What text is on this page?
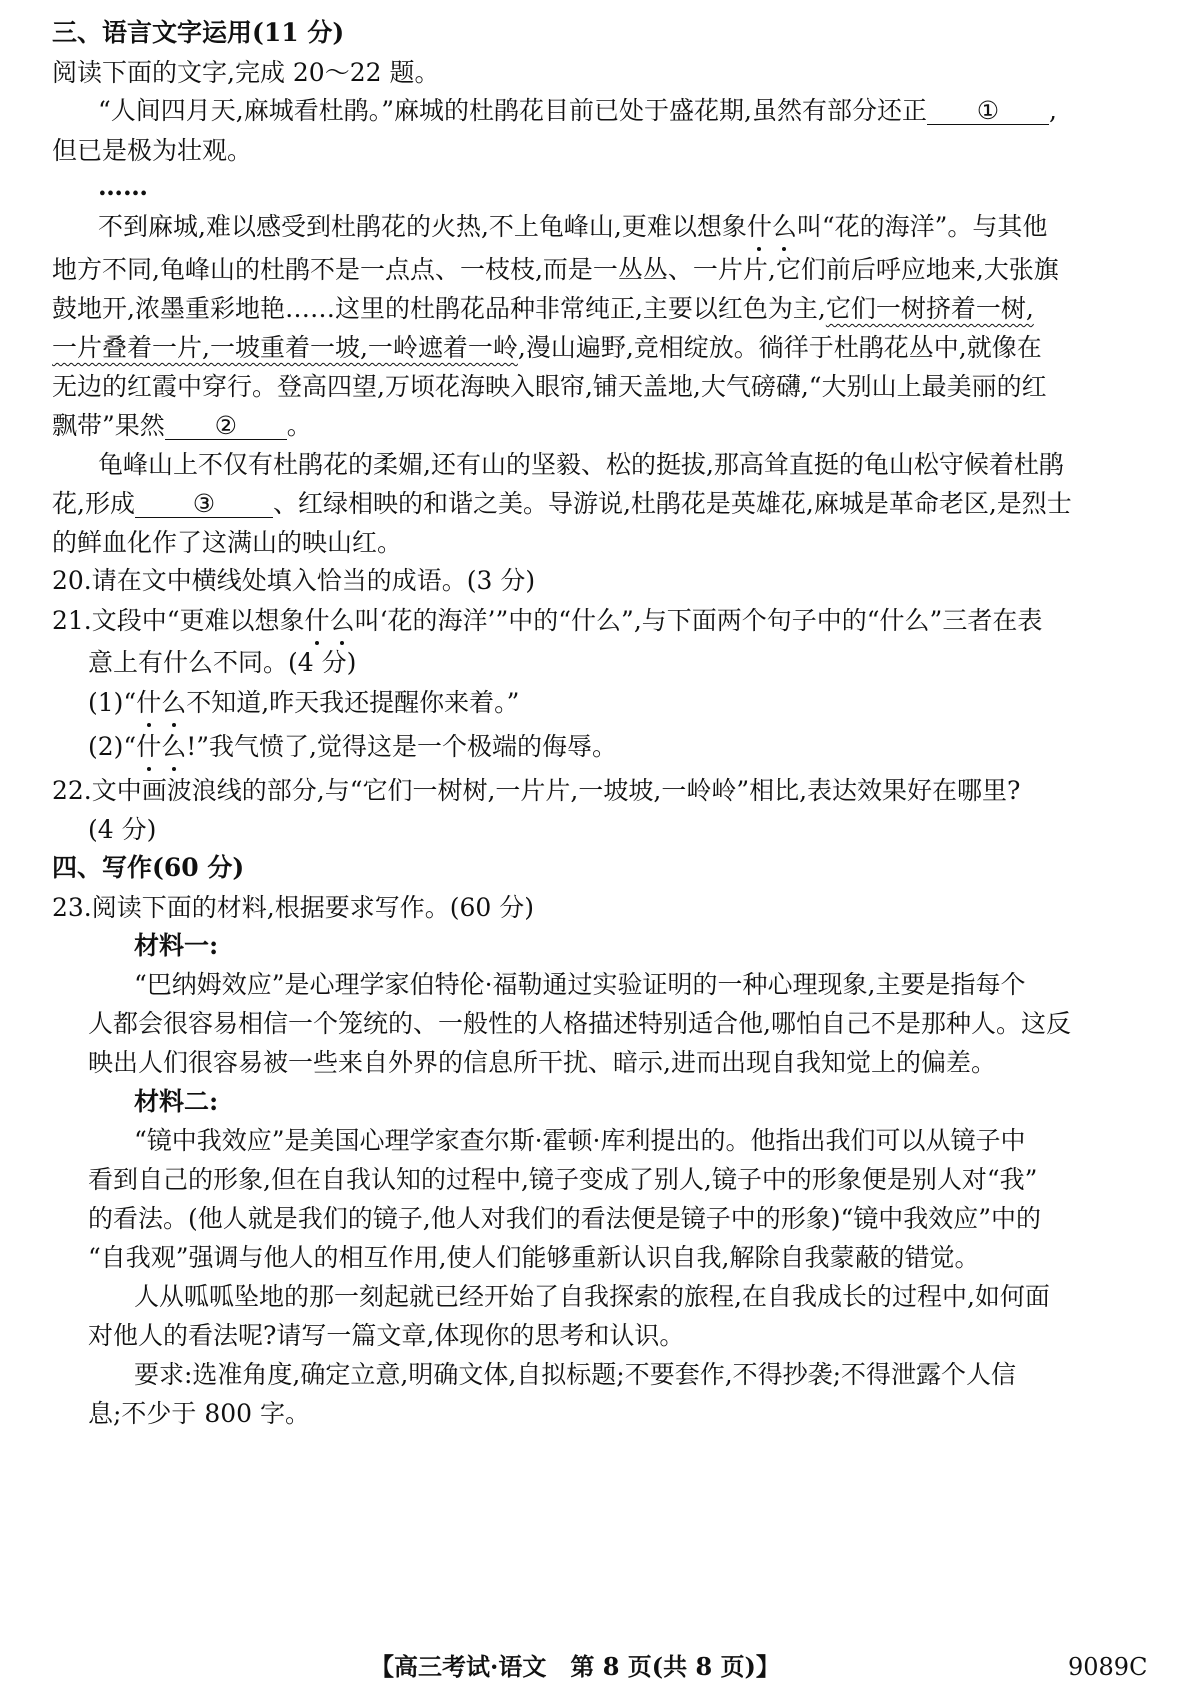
三、语言文字运用(11 分)
阅读下面的文字,完成 20～22 题。
“人间四月天,麻城看杜鹃。”麻城的杜鹃花目前已处于盛花期,虽然有部分还正 ① ,
但已是极为壮观。
……
不到麻城,难以感受到杜鹃花的火热,不上龟峰山,更难以想象什么叫“花的海洋”。与其他
地方不同,龟峰山的杜鹃不是一点点、一枝枝,而是一丛丛、一片片,它们前后呼应地来,大张旗
鼓地开,浓墨重彩地艳……这里的杜鹃花品种非常纯正,主要以红色为主,它们一树挤着一树,
一片叠着一片,一坡重着一坡,一岭遮着一岭,漫山遍野,竞相绽放。徜徉于杜鹃花丛中,就像在
无边的红霞中穿行。登高四望,万顷花海映入眼帘,铺天盖地,大气磅礴,“大别山上最美丽的红
飘带”果然 ② 。
龟峰山上不仅有杜鹃花的柔媚,还有山的坚毅、松的挺拔,那高耸直挺的龟山松守候着杜鹃
花,形成 ③ 、红绿相映的和谐之美。导游说,杜鹃花是英雄花,麻城是革命老区,是烈士
的鲜血化作了这满山的映山红。
20.请在文中横线处填入恰当的成语。(3 分)
21.文段中“更难以想象什么叫‘花的海洋’”中的“什么”,与下面两个句子中的“什么”三者在表
意上有什么不同。(4 分)
(1)“什么不知道,昨天我还提醒你来着。”
(2)“什么!”我气愤了,觉得这是一个极端的侮辱。
22.文中画波浪线的部分,与“它们一树树,一片片,一坡坡,一岭岭”相比,表达效果好在哪里?
(4 分)
四、写作(60 分)
23.阅读下面的材料,根据要求写作。(60 分)
材料一:
“巴纳姆效应”是心理学家伯特伦·福勒通过实验证明的一种心理现象,主要是指每个
人都会很容易相信一个笼统的、一般性的人格描述特别适合他,哪怕自己不是那种人。这反
映出人们很容易被一些来自外界的信息所干扰、暗示,进而出现自我知觉上的偏差。
材料二:
“镜中我效应”是美国心理学家查尔斯·霍顿·库利提出的。他指出我们可以从镜子中
看到自己的形象,但在自我认知的过程中,镜子变成了别人,镜子中的形象便是别人对“我”
的看法。(他人就是我们的镜子,他人对我们的看法便是镜子中的形象)“镜中我效应”中的
“自我观”强调与他人的相互作用,使人们能够重新认识自我,解除自我蒙蔽的错觉。
人从呱呱坠地的那一刻起就已经开始了自我探索的旅程,在自我成长的过程中,如何面
对他人的看法呢?请写一篇文章,体现你的思考和认识。
要求:选准角度,确定立意,明确文体,自拟标题;不要套作,不得抄袭;不得泄露个人信
息;不少于 800 字。
【高三考试·语文　第 8 页(共 8 页)】	9089C
